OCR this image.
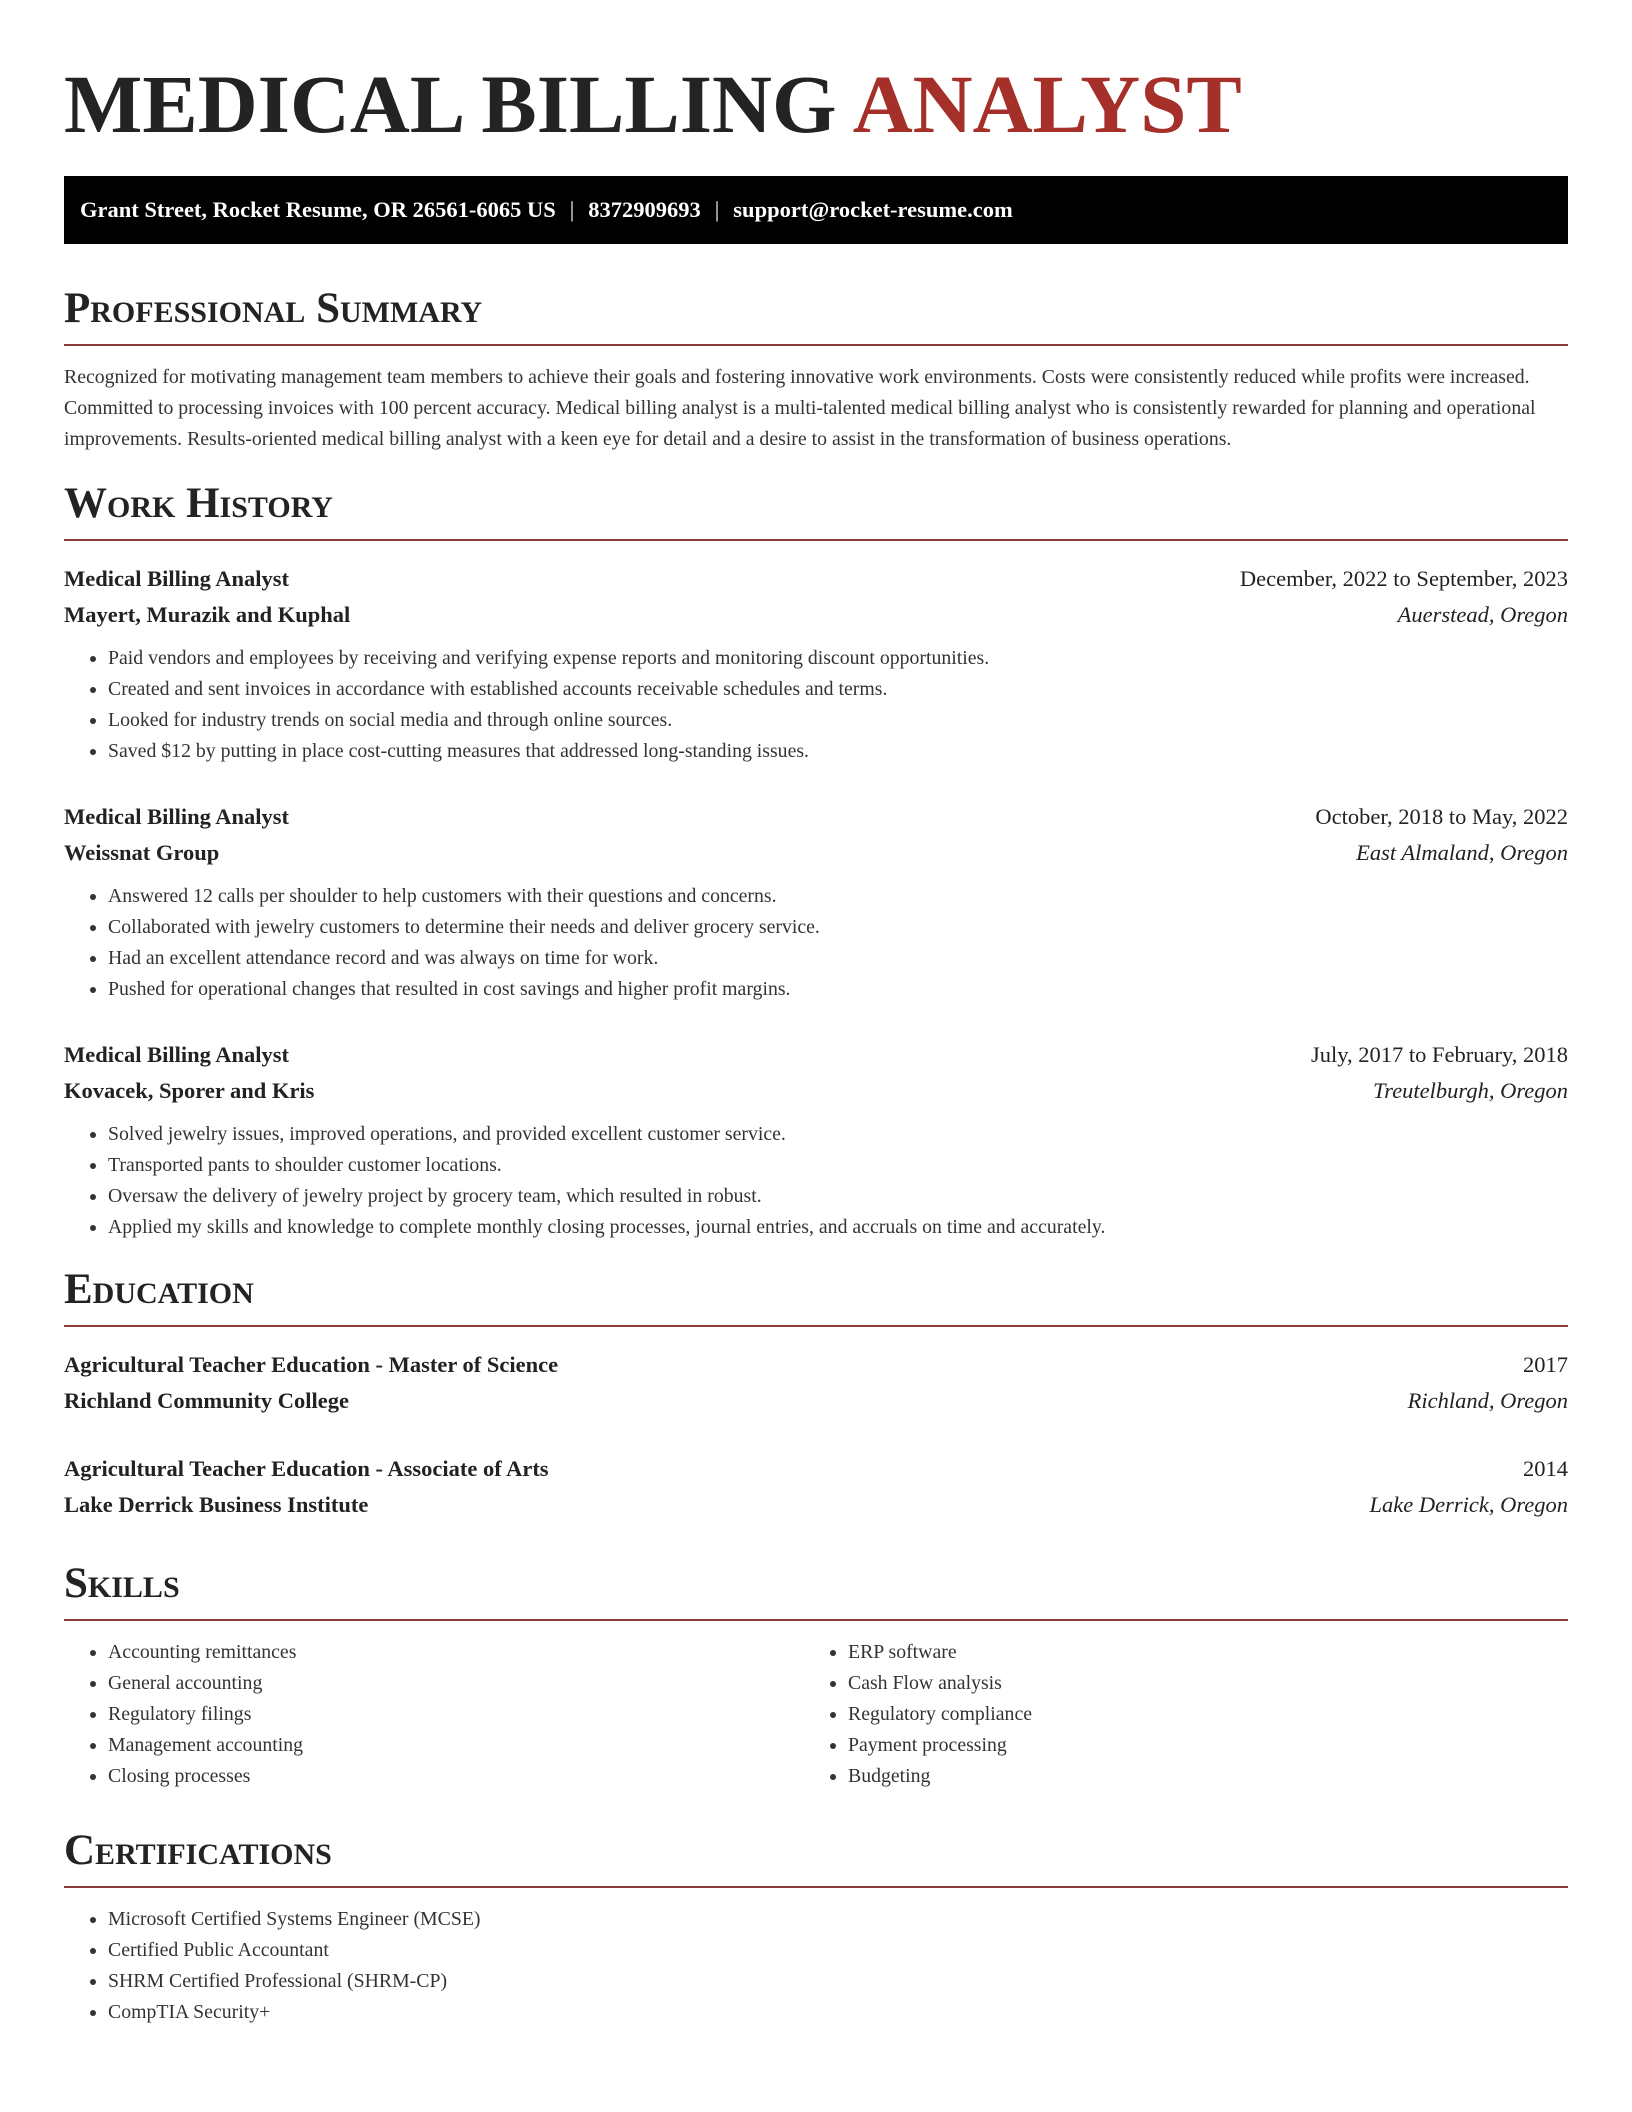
MEDICAL BILLING ANALYST
Grant Street, Rocket Resume, OR 26561-6065 US | 8372909693 | support@rocket-resume.com
Professional Summary

Recognized for motivating management team members to achieve their goals and fostering innovative work environments. Costs were consistently reduced while profits were increased. Committed to processing invoices with 100 percent accuracy. Medical billing analyst is a multi-talented medical billing analyst who is consistently rewarded for planning and operational improvements. Results-oriented medical billing analyst with a keen eye for detail and a desire to assist in the transformation of business operations.

Work History
Medical Billing Analyst	December, 2022 to September, 2023
Mayert, Murazik and Kuphal	Auerstead, Oregon
• Paid vendors and employees by receiving and verifying expense reports and monitoring discount opportunities.
• Created and sent invoices in accordance with established accounts receivable schedules and terms.
• Looked for industry trends on social media and through online sources.
• Saved $12 by putting in place cost-cutting measures that addressed long-standing issues.
Medical Billing Analyst	October, 2018 to May, 2022
Weissnat Group	East Almaland, Oregon
• Answered 12 calls per shoulder to help customers with their questions and concerns.
• Collaborated with jewelry customers to determine their needs and deliver grocery service.
• Had an excellent attendance record and was always on time for work.
• Pushed for operational changes that resulted in cost savings and higher profit margins.
Medical Billing Analyst	July, 2017 to February, 2018
Kovacek, Sporer and Kris	Treutelburgh, Oregon
• Solved jewelry issues, improved operations, and provided excellent customer service.
• Transported pants to shoulder customer locations.
• Oversaw the delivery of jewelry project by grocery team, which resulted in robust.
• Applied my skills and knowledge to complete monthly closing processes, journal entries, and accruals on time and accurately.
Education
Agricultural Teacher Education - Master of Science	2017
Richland Community College	Richland, Oregon
Agricultural Teacher Education - Associate of Arts	2014
Lake Derrick Business Institute	Lake Derrick, Oregon
Skills
• Accounting remittances
• General accounting
• Regulatory filings
• Management accounting
• Closing processes
• ERP software
• Cash Flow analysis
• Regulatory compliance
• Payment processing
• Budgeting
Certifications
• Microsoft Certified Systems Engineer (MCSE)
• Certified Public Accountant
• SHRM Certified Professional (SHRM-CP)
• CompTIA Security+
